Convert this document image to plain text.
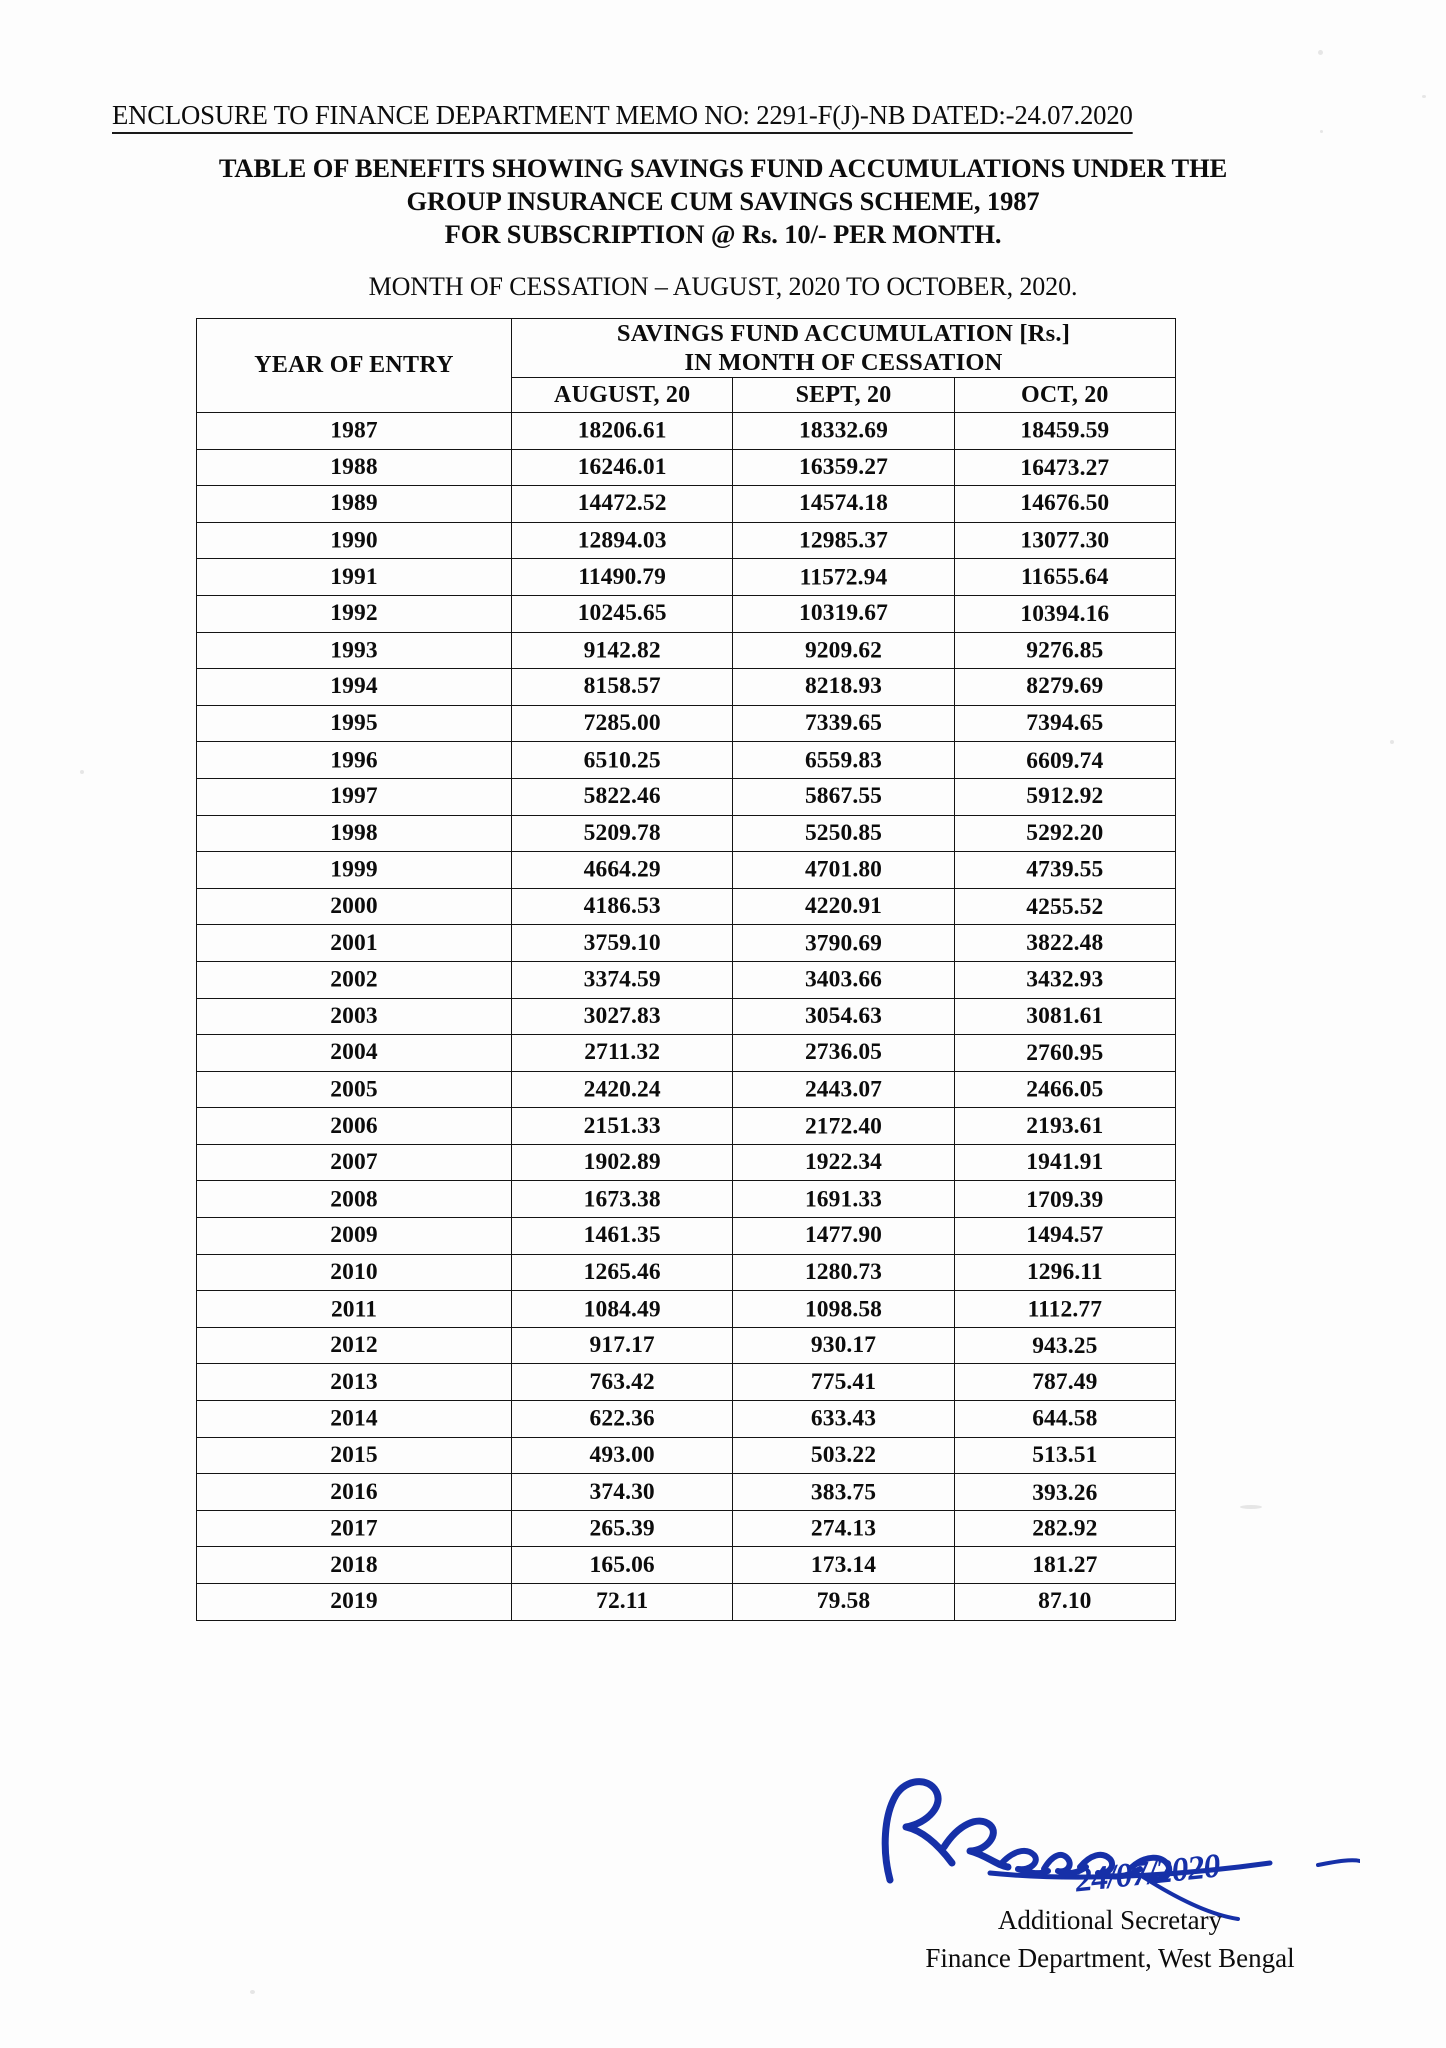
ENCLOSURE TO FINANCE DEPARTMENT MEMO NO: 2291-F(J)-NB DATED:-24.07.2020
TABLE OF BENEFITS SHOWING SAVINGS FUND ACCUMULATIONS UNDER THE
GROUP INSURANCE CUM SAVINGS SCHEME, 1987
FOR SUBSCRIPTION @ Rs. 10/- PER MONTH.
MONTH OF CESSATION – AUGUST, 2020 TO OCTOBER, 2020.
YEAR OF ENTRY	SAVINGS FUND ACCUMULATION [Rs.]
IN MONTH OF CESSATION		
	AUGUST, 20	SEPT, 20	OCT, 20
1987	18206.61	18332.69	18459.59
1988	16246.01	16359.27	16473.27
1989	14472.52	14574.18	14676.50
1990	12894.03	12985.37	13077.30
1991	11490.79	11572.94	11655.64
1992	10245.65	10319.67	10394.16
1993	9142.82	9209.62	9276.85
1994	8158.57	8218.93	8279.69
1995	7285.00	7339.65	7394.65
1996	6510.25	6559.83	6609.74
1997	5822.46	5867.55	5912.92
1998	5209.78	5250.85	5292.20
1999	4664.29	4701.80	4739.55
2000	4186.53	4220.91	4255.52
2001	3759.10	3790.69	3822.48
2002	3374.59	3403.66	3432.93
2003	3027.83	3054.63	3081.61
2004	2711.32	2736.05	2760.95
2005	2420.24	2443.07	2466.05
2006	2151.33	2172.40	2193.61
2007	1902.89	1922.34	1941.91
2008	1673.38	1691.33	1709.39
2009	1461.35	1477.90	1494.57
2010	1265.46	1280.73	1296.11
2011	1084.49	1098.58	1112.77
2012	917.17	930.17	943.25
2013	763.42	775.41	787.49
2014	622.36	633.43	644.58
2015	493.00	503.22	513.51
2016	374.30	383.75	393.26
2017	265.39	274.13	282.92
2018	165.06	173.14	181.27
2019	72.11	79.58	87.10
24/07/2020
Additional Secretary
Finance Department, West Bengal
